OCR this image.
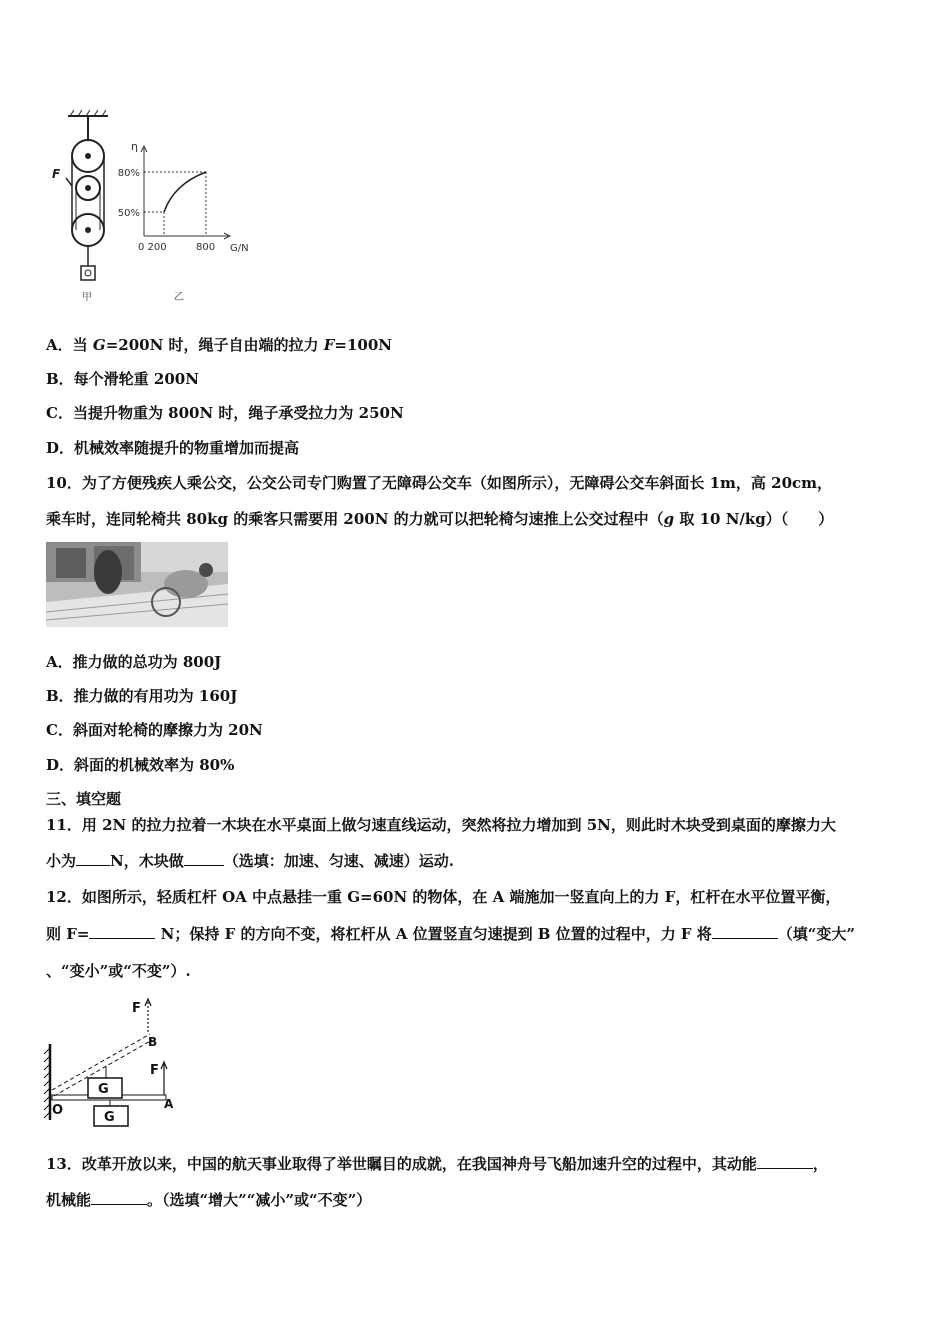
F
甲
η
80%
50%
0 200	800 G/N
乙
A．当 G=200N 时，绳子自由端的拉力 F=100N
B．每个滑轮重 200N
C．当提升物重为 800N 时，绳子承受拉力为 250N
D．机械效率随提升的物重增加而提高
10．为了方便残疾人乘公交，公交公司专门购置了无障碍公交车（如图所示），无障碍公交车斜面长 1m，高 20cm，
乘车时，连同轮椅共 80kg 的乘客只需要用 200N 的力就可以把轮椅匀速推上公交过程中（g 取 10 N/kg）（　　）
A．推力做的总功为 800J
B．推力做的有用功为 160J
C．斜面对轮椅的摩擦力为 20N
D．斜面的机械效率为 80%
三、填空题
11．用 2N 的拉力拉着一木块在水平桌面上做匀速直线运动，突然将拉力增加到 5N，则此时木块受到桌面的摩擦力大
小为 N，木块做	（选填：加速、匀速、减速）运动.
12．如图所示，轻质杠杆 OA 中点悬挂一重 G=60N 的物体，在 A 端施加一竖直向上的力 F，杠杆在水平位置平衡，
则 F=	N；保持 F 的方向不变，将杠杆从 A 位置竖直匀速提到 B 位置的过程中，力 F 将	（填“变大”
、“变小”或“不变”）.
G
G
F
B
F
O	A
13．改革开放以来，中国的航天事业取得了举世瞩目的成就，在我国神舟号飞船加速升空的过程中，其动能	，
机械能	。（选填“增大”“减小”或“不变”）
